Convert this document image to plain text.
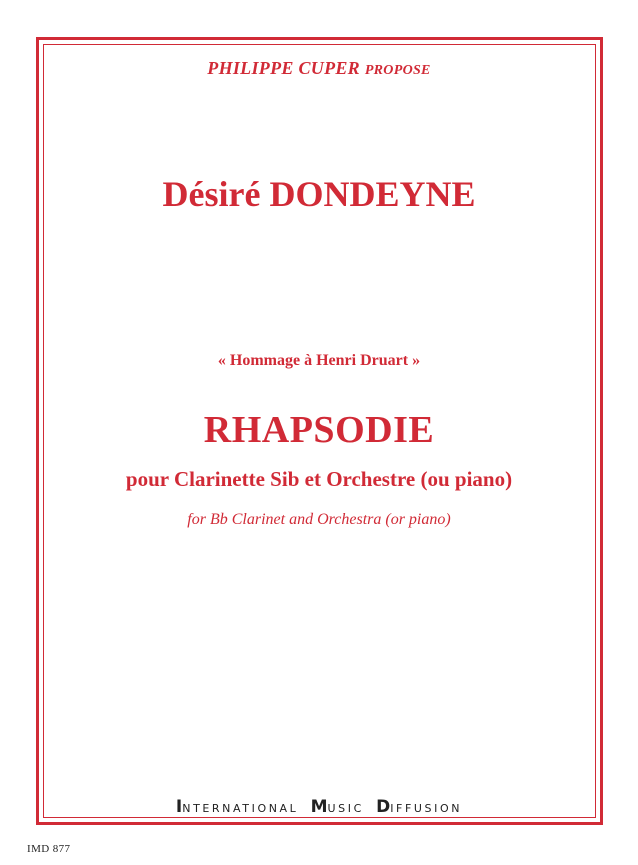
PHILIPPE CUPER PROPOSE
Désiré DONDEYNE
« Hommage à Henri Druart »
RHAPSODIE
pour Clarinette Sib et Orchestre (ou piano)
for Bb Clarinet and Orchestra (or piano)
INTERNATIONAL MUSIC DIFFUSION
IMD 877
